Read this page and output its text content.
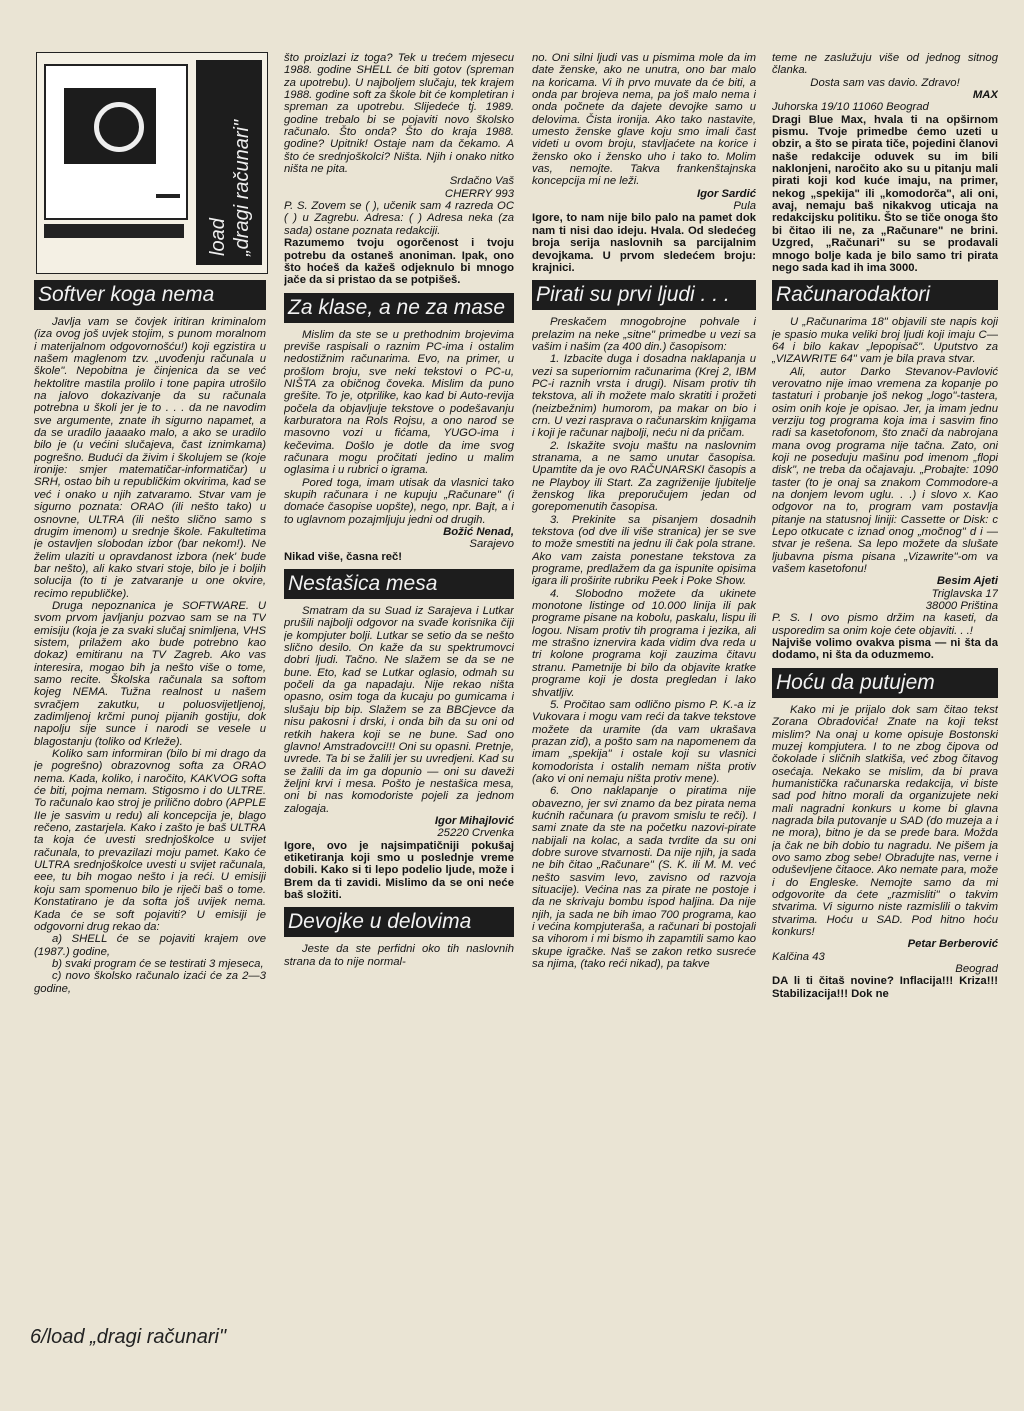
load „dragi računari"
Softver koga nema

Javlja vam se čovjek iritiran kriminalom (iza ovog još uvjek stojim, s punom moralnom i materijalnom odgovornošću!) koji egzistira u našem maglenom tzv. „uvođenju računala u škole". Nepobitna je činjenica da se već hektolitre mastila prolilo i tone papira utrošilo na jalovo dokazivanje da su računala potrebna u školi jer je to . . . da ne navodim sve argumente, znate ih sigurno napamet, a da se uradilo jaaaako malo, a ako se uradilo bilo je (u većini slučajeva, čast iznimkama) pogrešno. Budući da živim i školujem se (koje ironije: smjer matematičar-informatičar) u SRH, ostao bih u republičkim okvirima, kad se već i onako u njih zatvaramo. Stvar vam je sigurno poznata: ORAO (ili nešto tako) u osnovne, ULTRA (ili nešto slično samo s drugim imenom) u srednje škole. Fakultetima je ostavljen slobodan izbor (bar nekom!). Ne želim ulaziti u opravdanost izbora (nek' bude bar nešto), ali kako stvari stoje, bilo je i boljih solucija (to ti je zatvaranje u one okvire, recimo republičke).

Druga nepoznanica je SOFTWARE. U svom prvom javljanju pozvao sam se na TV emisiju (koja je za svaki slučaj snimljena, VHS sistem, prilažem ako bude potrebno kao dokaz) emitiranu na TV Zagreb. Ako vas interesira, mogao bih ja nešto više o tome, samo recite. Školska računala sa softom kojeg NEMA. Tužna realnost u našem svračjem zakutku, u poluosvijetljenoj, zadimljenoj krčmi punoj pijanih gostiju, dok napolju sije sunce i narodi se vesele u blagostanju (toliko od Krleže).

Koliko sam informiran (bilo bi mi drago da je pogrešno) obrazovnog softa za ORAO nema. Kada, koliko, i naročito, KAKVOG softa će biti, pojma nemam. Stigosmo i do ULTRE. To računalo kao stroj je prilično dobro (APPLE IIe je sasvim u redu) ali koncepcija je, blago rečeno, zastarjela. Kako i zašto je baš ULTRA ta koja će uvesti srednjoškolce u svijet računala, to prevazilazi moju pamet. Kako će ULTRA srednjoškolce uvesti u svijet računala, eee, tu bih mogao nešto i ja reći. U emisiji koju sam spomenuo bilo je riječi baš o tome. Konstatirano je da softa još uvijek nema. Kada će se soft pojaviti? U emisiji je odgovorni drug rekao da:

a) SHELL će se pojaviti krajem ove (1987.) godine,

b) svaki program će se testirati 3 mjeseca,

c) novo školsko računalo izaći će za 2—3 godine,

6/load „dragi računari"

što proizlazi iz toga? Tek u trećem mjesecu 1988. godine SHELL će biti gotov (spreman za upotrebu). U najboljem slučaju, tek krajem 1988. godine soft za škole bit će kompletiran i spreman za upotrebu. Slijedeće tj. 1989. godine trebalo bi se pojaviti novo školsko računalo. Što onda? Što do kraja 1988. godine? Upitnik! Ostaje nam da čekamo. A što će srednjoškolci? Ništa. Njih i onako nitko ništa ne pita.

Srdačno Vaš

CHERRY 993

P. S. Zovem se ( ), učenik sam 4 razreda OC ( ) u Zagrebu. Adresa: ( ) Adresa neka (za sada) ostane poznata redakciji.

Razumemo tvoju ogorčenost i tvoju potrebu da ostaneš anoniman. Ipak, ono što hoćeš da kažeš odjeknulo bi mnogo jače da si pristao da se potpišeš.

Za klase, a ne za mase

Mislim da ste se u prethodnim brojevima previše raspisali o raznim PC-ima i ostalim nedostižnim računarima. Evo, na primer, u prošlom broju, sve neki tekstovi o PC-u, NIŠTA za običnog čoveka. Mislim da puno grešite. To je, otprilike, kao kad bi Auto-revija počela da objavljuje tekstove o podešavanju karburatora na Rols Rojsu, a ono narod se masovno vozi u fićama, YUGO-ima i kečevima. Došlo je dotle da ime svog računara mogu pročitati jedino u malim oglasima i u rubrici o igrama.

Pored toga, imam utisak da vlasnici tako skupih računara i ne kupuju „Računare" (i domaće časopise uopšte), nego, npr. Bajt, a i to uglavnom pozajmljuju jedni od drugih.

Božić Nenad,

Sarajevo

Nikad više, časna reč!

Nestašica mesa

Smatram da su Suad iz Sarajeva i Lutkar prušili najbolji odgovor na svađe korisnika čiji je kompjuter bolji. Lutkar se setio da se nešto slično desilo. On kaže da su spektrumovci dobri ljudi. Tačno. Ne slažem se da se ne bune. Eto, kad se Lutkar oglasio, odmah su počeli da ga napadaju. Nije rekao ništa opasno, osim toga da kucaju po gumicama i slušaju bip bip. Slažem se za BBCjevce da nisu pakosni i drski, i onda bih da su oni od retkih hakera koji se ne bune. Sad ono glavno! Amstradovci!!! Oni su opasni. Pretnje, uvrede. Ta bi se žalili jer su uvredjeni. Kad su se žalili da im ga dopunio — oni su daveži željni krvi i mesa. Pošto je nestašica mesa, oni bi nas komodoriste pojeli za jednom zalogaja.

Igor Mihajlović

25220 Crvenka

Igore, ovo je najsimpatičniji pokušaj etiketiranja koji smo u poslednje vreme dobili. Kako si ti lepo podelio ljude, može i Brem da ti zavidi. Mislimo da se oni neće baš složiti.

Devojke u delovima

Jeste da ste perfidni oko tih naslovnih strana da to nije normal-

no. Oni silni ljudi vas u pismima mole da im date ženske, ako ne unutra, ono bar malo na koricama. Vi ih prvo muvate da će biti, a onda par brojeva nema, pa još malo nema i onda počnete da dajete devojke samo u delovima. Čista ironija. Ako tako nastavite, umesto ženske glave koju smo imali čast videti u ovom broju, stavljaćete na korice i žensko oko i žensko uho i tako to. Molim vas, nemojte. Takva frankenštajnska koncepcija mi ne leži.

Igor Sardić

Pula

Igore, to nam nije bilo palo na pamet dok nam ti nisi dao ideju. Hvala. Od sledećeg broja serija naslovnih sa parcijalnim devojkama. U prvom sledećem broju: krajnici.

Pirati su prvi ljudi . . .

Preskačem mnogobrojne pohvale i prelazim na neke „sitne" primedbe u vezi sa vašim i našim (za 400 din.) časopisom:

1. Izbacite duga i dosadna naklapanja u vezi sa superiornim računarima (Krej 2, IBM PC-i raznih vrsta i drugi). Nisam protiv tih tekstova, ali ih možete malo skratiti i prožeti (neizbežnim) humorom, pa makar on bio i crn. U vezi rasprava o računarskim knjigama i koji je računar najbolji, neću ni da pričam.

2. Iskažite svoju maštu na naslovnim stranama, a ne samo unutar časopisa. Upamtite da je ovo RAČUNARSKI časopis a ne Playboy ili Start. Za zagriženije ljubitelje ženskog lika preporučujem jedan od gorepomenutih časopisa.

3. Prekinite sa pisanjem dosadnih tekstova (od dve ili više stranica) jer se sve to može smestiti na jednu ili čak pola strane. Ako vam zaista ponestane tekstova za programe, predlažem da ga ispunite opisima igara ili proširite rubriku Peek i Poke Show.

4. Slobodno možete da ukinete monotone listinge od 10.000 linija ili pak programe pisane na kobolu, paskalu, lispu ili logou. Nisam protiv tih programa i jezika, ali me strašno iznervira kada vidim dva reda u tri kolone programa koji zauzima čitavu stranu. Pametnije bi bilo da objavite kratke programe koji je dosta pregledan i lako shvatljiv.

5. Pročitao sam odlično pismo P. K.-a iz Vukovara i mogu vam reći da takve tekstove možete da uramite (da vam ukrašava prazan zid), a pošto sam na napomenem da imam „spekija" i ostale koji su vlasnici komodorista i ostalih nemam ništa protiv (ako vi oni nemaju ništa protiv mene).

6. Ono naklapanje o piratima nije obavezno, jer svi znamo da bez pirata nema kućnih računara (u pravom smislu te reči). I sami znate da ste na početku nazovi-pirate nabijali na kolac, a sada tvrdite da su oni dobre surove stvarnosti. Da nije njih, ja sada ne bih čitao „Računare" (S. K. ili M. M. već nešto sasvim levo, zavisno od razvoja situacije). Većina nas za pirate ne postoje i da ne skrivaju bombu ispod haljina. Da nije njih, ja sada ne bih imao 700 programa, kao i većina kompjuteraša, a računari bi postojali sa vihorom i mi bismo ih zapamtili samo kao skupe igračke. Naš se zakon retko susreće sa njima, (tako reći nikad), pa takve

teme ne zaslužuju više od jednog sitnog članka.

Dosta sam vas davio. Zdravo!

MAX

Juhorska 19/10 11060 Beograd

Dragi Blue Max, hvala ti na opširnom pismu. Tvoje primedbe ćemo uzeti u obzir, a što se pirata tiče, pojedini članovi naše redakcije oduvek su im bili naklonjeni, naročito ako su u pitanju mali pirati koji kod kuće imaju, na primer, nekog „spekija" ili „komodorča", ali oni, avaj, nemaju baš nikakvog uticaja na redakcijsku politiku. Što se tiče onoga što bi čitao ili ne, za „Računare" ne brini. Uzgred, „Računari" su se prodavali mnogo bolje kada je bilo samo tri pirata nego sada kad ih ima 3000.

Računarodaktori

U „Računarima 18" objavili ste napis koji je spasio muka veliki broj ljudi koji imaju C—64 i bilo kakav „lepopisač". Uputstvo za „VIZAWRITE 64" vam je bila prava stvar.

Ali, autor Darko Stevanov-Pavlović verovatno nije imao vremena za kopanje po tastaturi i probanje još nekog „logo"-tastera, osim onih koje je opisao. Jer, ja imam jednu verziju tog programa koja ima i sasvim fino radi sa kasetofonom, što znači da nabrojana mana ovog programa nije tačna. Zato, oni koji ne poseduju mašinu pod imenom „flopi disk", ne treba da očajavaju. „Probajte: 1090 taster (to je onaj sa znakom Commodore-a na donjem levom uglu. . .) i slovo x. Kao odgovor na to, program vam postavlja pitanje na statusnoj liniji: Cassette or Disk: c Lepo otkucate c iznad onog „močnog" d i — stvar je rešena. Sa lepo možete da slušate ljubavna pisma pisana „Vizawrite"-om va vašem kasetofonu!

Besim Ajeti

Triglavska 17

38000 Priština

P. S. I ovo pismo držim na kaseti, da usporedim sa onim koje ćete objaviti. . .!

Najviše volimo ovakva pisma — ni šta da dodamo, ni šta da oduzmemo.

Hoću da putujem

Kako mi je prijalo dok sam čitao tekst Zorana Obradovića! Znate na koji tekst mislim? Na onaj u kome opisuje Bostonski muzej kompjutera. I to ne zbog čipova od čokolade i sličnih slatkiša, već zbog čitavog osećaja. Nekako se mislim, da bi prava humanistička računarska redakcija, vi biste sad pod hitno morali da organizujete neki mali nagradni konkurs u kome bi glavna nagrada bila putovanje u SAD (do muzeja a i ne mora), bitno je da se prede bara. Možda ja čak ne bih dobio tu nagradu. Ne pišem ja ovo samo zbog sebe! Obradujte nas, verne i oduševljene čitaoce. Ako nemate para, može i do Engleske. Nemojte samo da mi odgovorite da ćete „razmisliti" o takvim stvarima. Vi sigurno niste razmislili o takvim stvarima. Hoću u SAD. Pod hitno hoću konkurs!

Petar Berberović

Kalčina 43

Beograd

DA li ti čitaš novine? Inflacija!!! Kriza!!! Stabilizacija!!! Dok ne
